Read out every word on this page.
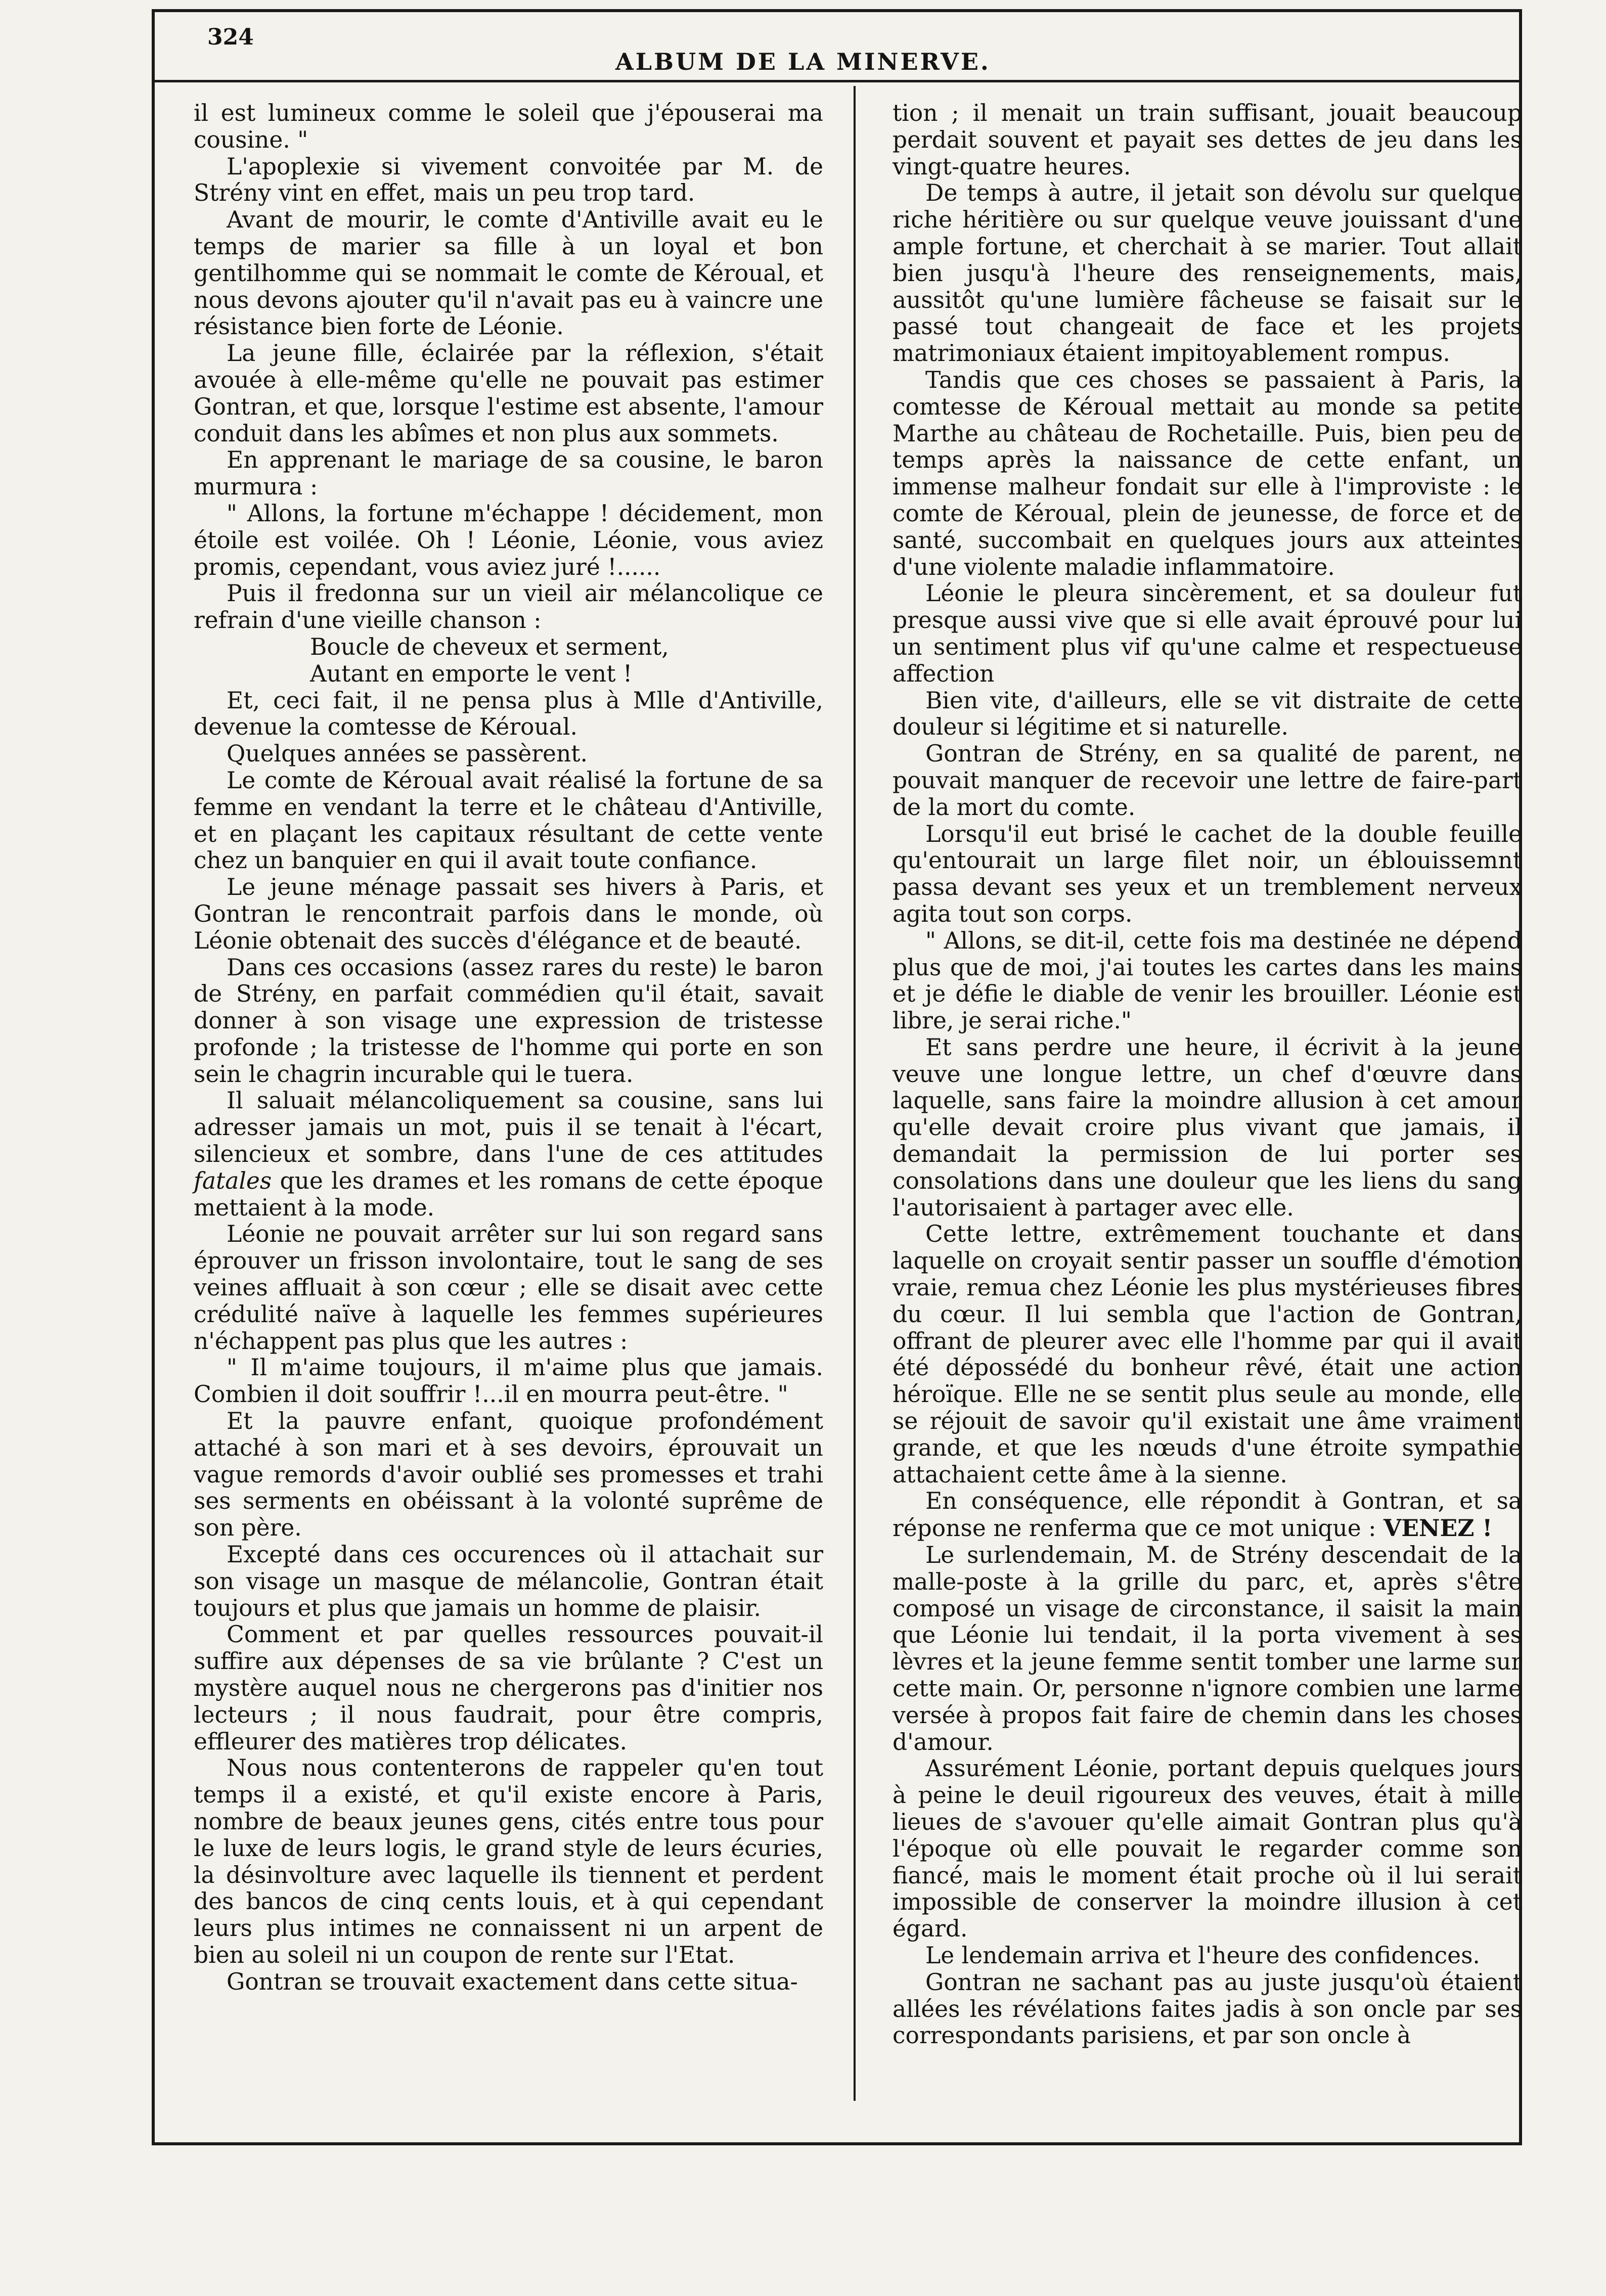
324
ALBUM DE LA MINERVE.

il est lumineux comme le soleil que j'épouserai ma cousine. "

L'apoplexie si vivement convoitée par M. de Strény vint en effet, mais un peu trop tard.

Avant de mourir, le comte d'Antiville avait eu le temps de marier sa fille à un loyal et bon gentilhomme qui se nommait le comte de Kéroual, et nous devons ajouter qu'il n'avait pas eu à vaincre une résistance bien forte de Léonie.

La jeune fille, éclairée par la réflexion, s'était avouée à elle-même qu'elle ne pouvait pas estimer Gontran, et que, lorsque l'estime est absente, l'amour conduit dans les abîmes et non plus aux sommets.

En apprenant le mariage de sa cousine, le baron murmura :

" Allons, la fortune m'échappe ! décidement, mon étoile est voilée. Oh ! Léonie, Léonie, vous aviez promis, cependant, vous aviez juré !......

Puis il fredonna sur un vieil air mélancolique ce refrain d'une vieille chanson :

Boucle de cheveux et serment,

Autant en emporte le vent !

Et, ceci fait, il ne pensa plus à Mlle d'Antiville, devenue la comtesse de Kéroual.

Quelques années se passèrent.

Le comte de Kéroual avait réalisé la fortune de sa femme en vendant la terre et le château d'Antiville, et en plaçant les capitaux résultant de cette vente chez un banquier en qui il avait toute confiance.

Le jeune ménage passait ses hivers à Paris, et Gontran le rencontrait parfois dans le monde, où Léonie obtenait des succès d'élégance et de beauté.

Dans ces occasions (assez rares du reste) le baron de Strény, en parfait commédien qu'il était, savait donner à son visage une expression de tristesse profonde ; la tristesse de l'homme qui porte en son sein le chagrin incurable qui le tuera.

Il saluait mélancoliquement sa cousine, sans lui adresser jamais un mot, puis il se tenait à l'écart, silencieux et sombre, dans l'une de ces attitudes fatales que les drames et les romans de cette époque mettaient à la mode.

Léonie ne pouvait arrêter sur lui son regard sans éprouver un frisson involontaire, tout le sang de ses veines affluait à son cœur ; elle se disait avec cette crédulité naïve à laquelle les femmes supérieures n'échappent pas plus que les autres :

" Il m'aime toujours, il m'aime plus que jamais. Combien il doit souffrir !...il en mourra peut-être. "

Et la pauvre enfant, quoique profondément attaché à son mari et à ses devoirs, éprouvait un vague remords d'avoir oublié ses promesses et trahi ses serments en obéissant à la volonté suprême de son père.

Excepté dans ces occurences où il attachait sur son visage un masque de mélancolie, Gontran était toujours et plus que jamais un homme de plaisir.

Comment et par quelles ressources pouvait-il suffire aux dépenses de sa vie brûlante ? C'est un mystère auquel nous ne chergerons pas d'initier nos lecteurs ; il nous faudrait, pour être compris, effleurer des matières trop délicates.

Nous nous contenterons de rappeler qu'en tout temps il a existé, et qu'il existe encore à Paris, nombre de beaux jeunes gens, cités entre tous pour le luxe de leurs logis, le grand style de leurs écuries, la désinvolture avec laquelle ils tiennent et perdent des bancos de cinq cents louis, et à qui cependant leurs plus intimes ne connaissent ni un arpent de bien au soleil ni un coupon de rente sur l'Etat.

Gontran se trouvait exactement dans cette situa-

tion ; il menait un train suffisant, jouait beaucoup perdait souvent et payait ses dettes de jeu dans les vingt-quatre heures.

De temps à autre, il jetait son dévolu sur quelque riche héritière ou sur quelque veuve jouissant d'une ample fortune, et cherchait à se marier. Tout allait bien jusqu'à l'heure des renseignements, mais, aussitôt qu'une lumière fâcheuse se faisait sur le passé tout changeait de face et les projets matrimoniaux étaient impitoyablement rompus.

Tandis que ces choses se passaient à Paris, la comtesse de Kéroual mettait au monde sa petite Marthe au château de Rochetaille. Puis, bien peu de temps après la naissance de cette enfant, un immense malheur fondait sur elle à l'improviste : le comte de Kéroual, plein de jeunesse, de force et de santé, succombait en quelques jours aux atteintes d'une violente maladie inflammatoire.

Léonie le pleura sincèrement, et sa douleur fut presque aussi vive que si elle avait éprouvé pour lui un sentiment plus vif qu'une calme et respectueuse affection

Bien vite, d'ailleurs, elle se vit distraite de cette douleur si légitime et si naturelle.

Gontran de Strény, en sa qualité de parent, ne pouvait manquer de recevoir une lettre de faire-part de la mort du comte.

Lorsqu'il eut brisé le cachet de la double feuille qu'entourait un large filet noir, un éblouissemnt passa devant ses yeux et un tremblement nerveux agita tout son corps.

" Allons, se dit-il, cette fois ma destinée ne dépend plus que de moi, j'ai toutes les cartes dans les mains et je défie le diable de venir les brouiller. Léonie est libre, je serai riche."

Et sans perdre une heure, il écrivit à la jeune veuve une longue lettre, un chef d'œuvre dans laquelle, sans faire la moindre allusion à cet amour qu'elle devait croire plus vivant que jamais, il demandait la permission de lui porter ses consolations dans une douleur que les liens du sang l'autorisaient à partager avec elle.

Cette lettre, extrêmement touchante et dans laquelle on croyait sentir passer un souffle d'émotion vraie, remua chez Léonie les plus mystérieuses fibres du cœur. Il lui sembla que l'action de Gontran, offrant de pleurer avec elle l'homme par qui il avait été dépossédé du bonheur rêvé, était une action héroïque. Elle ne se sentit plus seule au monde, elle se réjouit de savoir qu'il existait une âme vraiment grande, et que les nœuds d'une étroite sympathie attachaient cette âme à la sienne.

En conséquence, elle répondit à Gontran, et sa réponse ne renferma que ce mot unique : VENEZ !

Le surlendemain, M. de Strény descendait de la malle-poste à la grille du parc, et, après s'être composé un visage de circonstance, il saisit la main que Léonie lui tendait, il la porta vivement à ses lèvres et la jeune femme sentit tomber une larme sur cette main. Or, personne n'ignore combien une larme versée à propos fait faire de chemin dans les choses d'amour.

Assurément Léonie, portant depuis quelques jours à peine le deuil rigoureux des veuves, était à mille lieues de s'avouer qu'elle aimait Gontran plus qu'à l'époque où elle pouvait le regarder comme son fiancé, mais le moment était proche où il lui serait impossible de conserver la moindre illusion à cet égard.

Le lendemain arriva et l'heure des confidences.

Gontran ne sachant pas au juste jusqu'où étaient allées les révélations faites jadis à son oncle par ses correspondants parisiens, et par son oncle à
